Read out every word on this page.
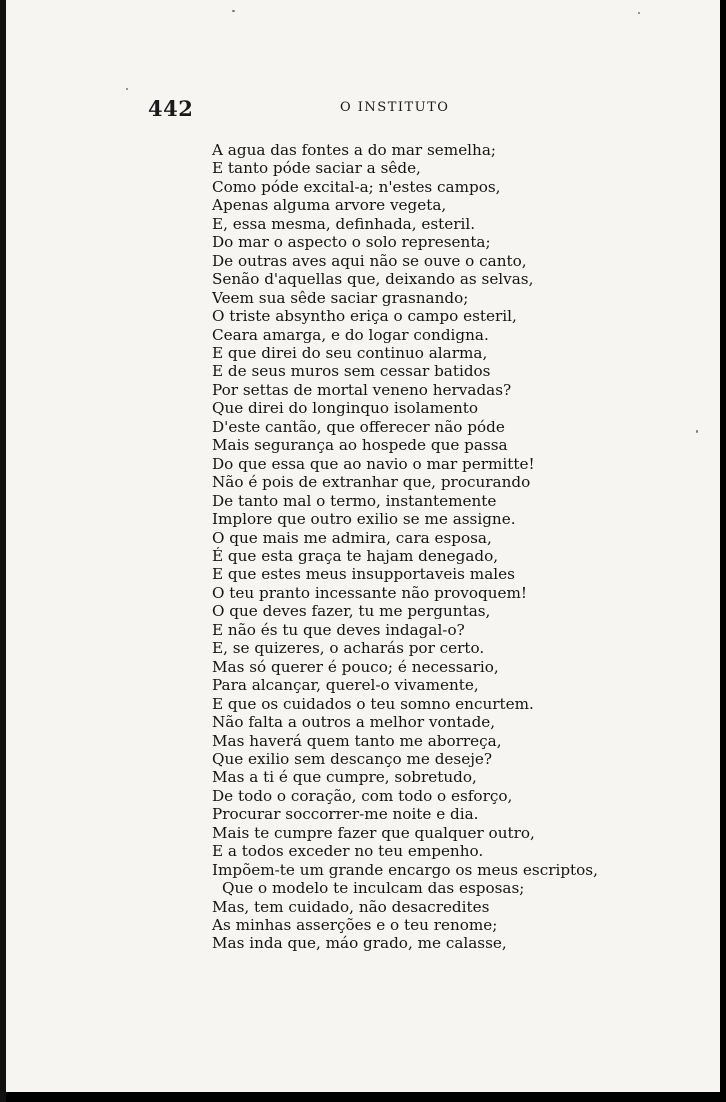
442	O INSTITUTO
A agua das fontes a do mar semelha;
E tanto póde saciar a sêde,
Como póde excital-a; n'estes campos,
Apenas alguma arvore vegeta,
E, essa mesma, definhada, esteril.
Do mar o aspecto o solo representa;
De outras aves aqui não se ouve o canto,
Senão d'aquellas que, deixando as selvas,
Veem sua sêde saciar grasnando;
O triste absyntho eriça o campo esteril,
Ceara amarga, e do logar condigna.
E que direi do seu continuo alarma,
E de seus muros sem cessar batidos
Por settas de mortal veneno hervadas?
Que direi do longinquo isolamento
D'este cantão, que offerecer não póde
Mais segurança ao hospede que passa
Do que essa que ao navio o mar permitte!
Não é pois de extranhar que, procurando
De tanto mal o termo, instantemente
Implore que outro exilio se me assigne.
O que mais me admira, cara esposa,
É que esta graça te hajam denegado,
E que estes meus insupportaveis males
O teu pranto incessante não provoquem!
O que deves fazer, tu me perguntas,
E não és tu que deves indagal-o?
E, se quizeres, o acharás por certo.
Mas só querer é pouco; é necessario,
Para alcançar, querel-o vivamente,
E que os cuidados o teu somno encurtem.
Não falta a outros a melhor vontade,
Mas haverá quem tanto me aborreça,
Que exilio sem descanço me deseje?
Mas a ti é que cumpre, sobretudo,
De todo o coração, com todo o esforço,
Procurar soccorrer-me noite e dia.
Mais te cumpre fazer que qualquer outro,
E a todos exceder no teu empenho.
Impõem-te um grande encargo os meus escriptos,
Que o modelo te inculcam das esposas;
Mas, tem cuidado, não desacredites
As minhas asserções e o teu renome;
Mas inda que, máo grado, me calasse,
